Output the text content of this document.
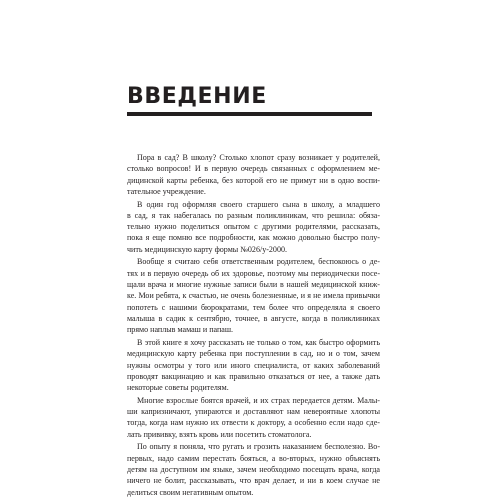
ВВЕДЕНИЕ
Пора в сад? В школу? Столько хлопот сразу возникает у родителей,
столько вопросов! И в первую очередь связанных с оформлением ме-
дицинской карты ребенка, без которой его не примут ни в одно воспи-
тательное учреждение.
В один год оформляя своего старшего сына в школу, а младшего
в сад, я так набегалась по разным поликлиникам, что решила: обяза-
тельно нужно поделиться опытом с другими родителями, рассказать,
пока я еще помню все подробности, как можно довольно быстро полу-
чить медицинскую карту формы №026/у-2000.
Вообще я считаю себя ответственным родителем, беспокоюсь о де-
тях и в первую очередь об их здоровье, поэтому мы периодически посе-
щали врача и многие нужные записи были в нашей медицинской книж-
ке. Мои ребята, к счастью, не очень болезненные, и я не имела привычки
попотеть с нашими бюрократами, тем более что определяла я своего
малыша в садик к сентябрю, точнее, в августе, когда в поликлиниках
прямо наплыв мамаш и папаш.
В этой книге я хочу рассказать не только о том, как быстро оформить
медицинскую карту ребенка при поступлении в сад, но и о том, зачем
нужны осмотры у того или иного специалиста, от каких заболеваний
проводят вакцинацию и как правильно отказаться от нее, а также дать
некоторые советы родителям.
Многие взрослые боятся врачей, и их страх передается детям. Малы-
ши капризничают, упираются и доставляют нам невероятные хлопоты
тогда, когда нам нужно их отвести к доктору, а особенно если надо сде-
лать прививку, взять кровь или посетить стоматолога.
По опыту я поняла, что ругать и грозить наказанием бесполезно. Во-
первых, надо самим перестать бояться, а во-вторых, нужно объяснять
детям на доступном им языке, зачем необходимо посещать врача, когда
ничего не болит, рассказывать, что врач делает, и ни в коем случае не
делиться своим негативным опытом.
